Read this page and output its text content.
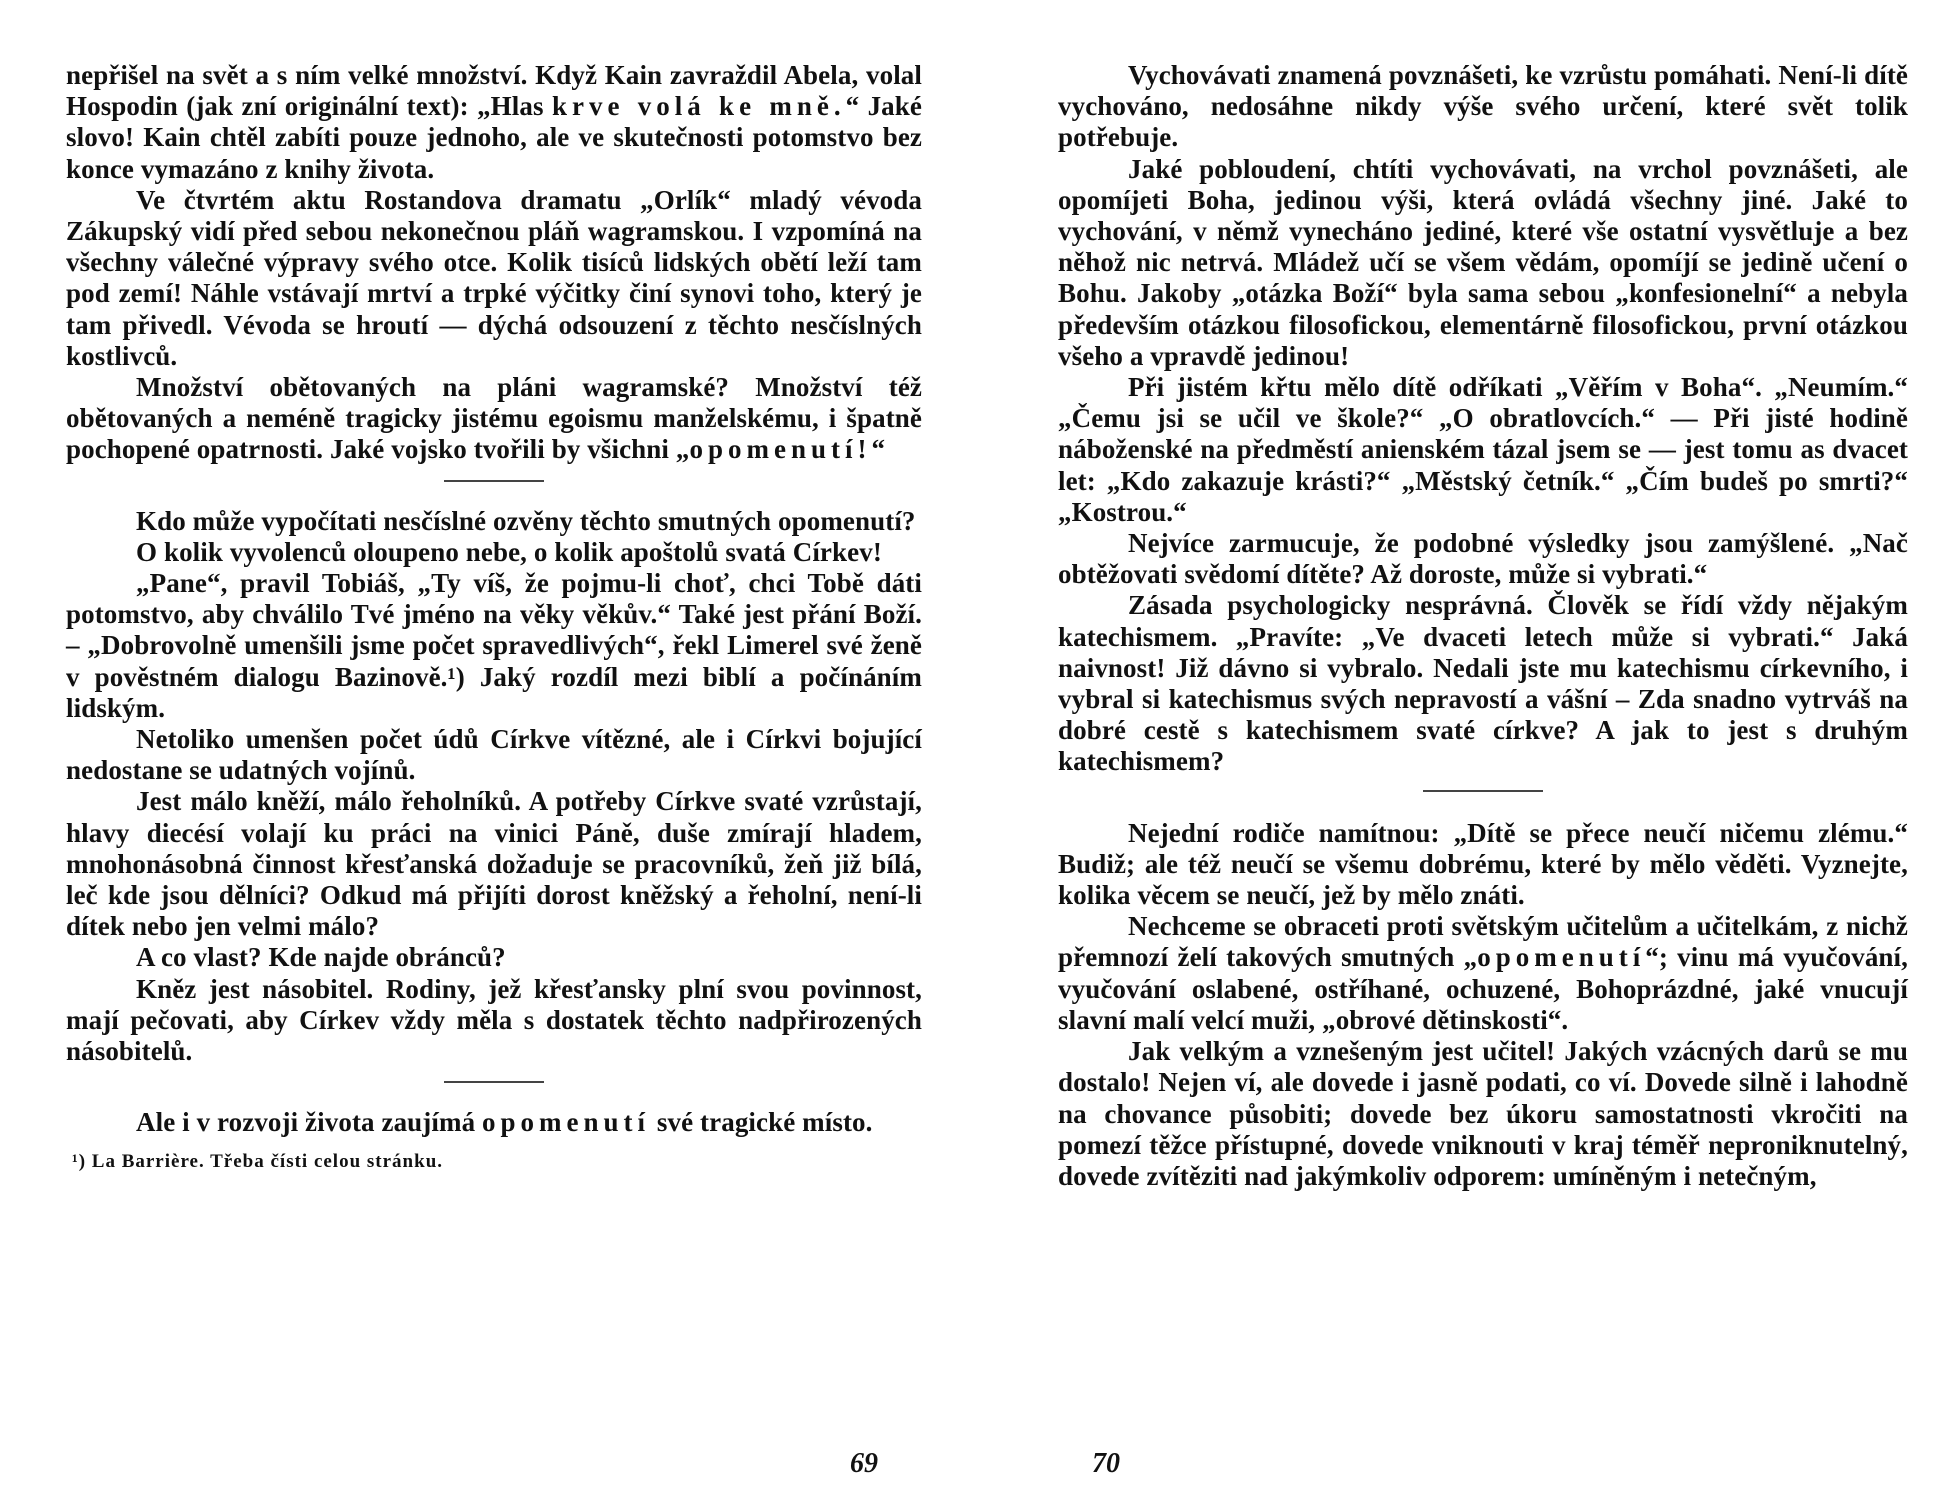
nepřišel na svět a s ním velké množství. Když Kain zavraždil Abela, volal Hospodin (jak zní originální text): „Hlas krve volá ke mně.“ Jaké slovo! Kain chtěl zabíti pouze jednoho, ale ve skutečnosti potomstvo bez konce vymazáno z knihy života.

Ve čtvrtém aktu Rostandova dramatu „Orlík“ mladý vévoda Zákupský vidí před sebou nekonečnou pláň wagramskou. I vzpomíná na všechny válečné výpravy svého otce. Kolik tisíců lidských obětí leží tam pod zemí! Náhle vstávají mrtví a trpké výčitky činí synovi toho, který je tam přivedl. Vévoda se hroutí — dýchá odsouzení z těchto nesčíslných kostlivců.

Množství obětovaných na pláni wagramské? Množství též obětovaných a neméně tragicky jistému egoismu manželskému, i špatně pochopené opatrnosti. Jaké vojsko tvořili by všichni „opomenutí!“

Kdo může vypočítati nesčíslné ozvěny těchto smutných opomenutí?

O kolik vyvolenců oloupeno nebe, o kolik apoštolů svatá Církev!

„Pane“, pravil Tobiáš, „Ty víš, že pojmu-li choť, chci Tobě dáti potomstvo, aby chválilo Tvé jméno na věky věkův.“ Také jest přání Boží. – „Dobrovolně umenšili jsme počet spravedlivých“, řekl Limerel své ženě v pověstném dialogu Bazinově.¹) Jaký rozdíl mezi biblí a počínáním lidským.

Netoliko umenšen počet údů Církve vítězné, ale i Církvi bojující nedostane se udatných vojínů.

Jest málo kněží, málo řeholníků. A potřeby Církve svaté vzrůstají, hlavy diecésí volají ku práci na vinici Páně, duše zmírají hladem, mnohonásobná činnost křesťanská dožaduje se pracovníků, žeň již bílá, leč kde jsou dělníci? Odkud má přijíti dorost kněžský a řeholní, není-li dítek nebo jen velmi málo?

A co vlast? Kde najde obránců?

Kněz jest násobitel. Rodiny, jež křesťansky plní svou povinnost, mají pečovati, aby Církev vždy měla s dostatek těchto nadpřirozených násobitelů.

Ale i v rozvoji života zaujímá opomenutí své tragické místo.

¹) La Barrière. Třeba čísti celou stránku.
69

Vychovávati znamená povznášeti, ke vzrůstu pomáhati. Není-li dítě vychováno, nedosáhne nikdy výše svého určení, které svět tolik potřebuje.

Jaké pobloudení, chtíti vychovávati, na vrchol povznášeti, ale opomíjeti Boha, jedinou výši, která ovládá všechny jiné. Jaké to vychování, v němž vynecháno jediné, které vše ostatní vysvětluje a bez něhož nic netrvá. Mládež učí se všem vědám, opomíjí se jedině učení o Bohu. Jakoby „otázka Boží“ byla sama sebou „konfesionelní“ a nebyla především otázkou filosofickou, elementárně filosofickou, první otázkou všeho a vpravdě jedinou!

Při jistém křtu mělo dítě odříkati „Věřím v Boha“. „Neumím.“ „Čemu jsi se učil ve škole?“ „O obratlovcích.“ — Při jisté hodině náboženské na předměstí anienském tázal jsem se — jest tomu as dvacet let: „Kdo zakazuje krásti?“ „Městský četník.“ „Čím budeš po smrti?“ „Kostrou.“

Nejvíce zarmucuje, že podobné výsledky jsou zamýšlené. „Nač obtěžovati svědomí dítěte? Až doroste, může si vybrati.“

Zásada psychologicky nesprávná. Člověk se řídí vždy nějakým katechismem. „Pravíte: „Ve dvaceti letech může si vybrati.“ Jaká naivnost! Již dávno si vybralo. Nedali jste mu katechismu církevního, i vybral si katechismus svých nepravostí a vášní – Zda snadno vytrváš na dobré cestě s katechismem svaté církve? A jak to jest s druhým katechismem?

Nejední rodiče namítnou: „Dítě se přece neučí ničemu zlému.“ Budiž; ale též neučí se všemu dobrému, které by mělo věděti. Vyznejte, kolika věcem se neučí, jež by mělo znáti.

Nechceme se obraceti proti světským učitelům a učitelkám, z nichž přemnozí želí takových smutných „opomenutí“; vinu má vyučování, vyučování oslabené, ostříhané, ochuzené, Bohoprázdné, jaké vnucují slavní malí velcí muži, „obrové dětinskosti“.

Jak velkým a vznešeným jest učitel! Jakých vzácných darů se mu dostalo! Nejen ví, ale dovede i jasně podati, co ví. Dovede silně i lahodně na chovance působiti; dovede bez úkoru samostatnosti vkročiti na pomezí těžce přístupné, dovede vniknouti v kraj téměř neproniknutelný, dovede zvítěziti nad jakýmkoliv odporem: umíněným i netečným,

70
